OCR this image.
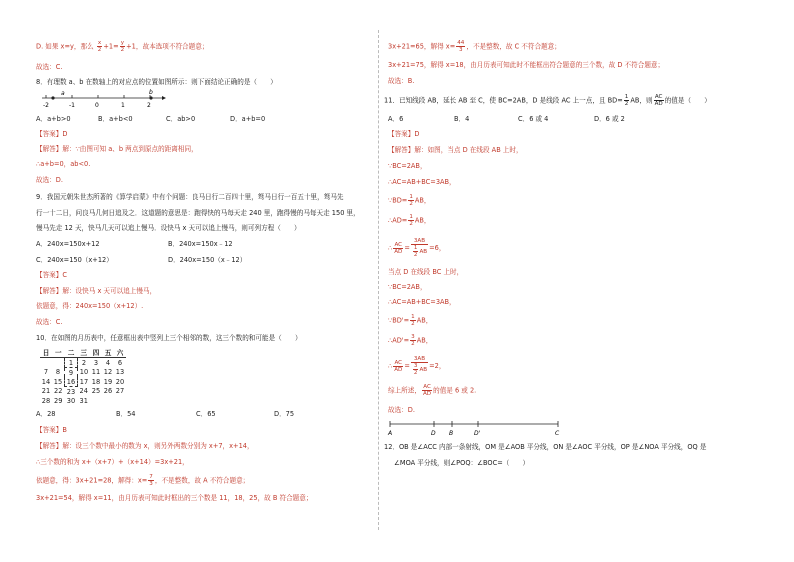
D. 如果 x=y，那么 $\frac{x}{2} +1= \frac{y}{2} +1$，故本选项不符合题意；
故选：C.
8．有理数 a、b 在数轴上的对应点的位置如图所示：则下面结论正确的是（　　）
-2	-1	0	1	2
a	b
A．a+b>0	B．a+b<0	C．ab>0	D．a+b=0
【答案】D
【解答】解：∵由图可知 a、b 两点到原点的距离相同，
∴a+b=0，ab<0.
故选：D.
9．我国元朝朱世杰所著的《算学启蒙》中有个问题：良马日行二百四十里，驽马日行一百五十里，驽马先
行一十二日，问良马几何日追及之．这道题的意思是：跑得快的马每天走 240 里，跑得慢的马每天走 150 里，
慢马先走 12 天，快马几天可以追上慢马．设快马 x 天可以追上慢马，则可列方程（　　）
A．240x=150x+12	B．240x=150x﹣12
C．240x=150（x+12）	D．240x=150（x﹣12）
【答案】C
【解答】解：设快马 x 天可以追上慢马，
依题意，得：240x=150（x+12）.
故选：C.
10．在如图的月历表中，任意框出表中竖列上三个相邻的数，这三个数的和可能是（　　）
日	一	二	三	四	五	六
		1	2	3	4	6
7	8	9	10	11	12	13
14	15	16	17	18	19	20
21	22	23	24	25	26	27
28	29	30	31			
A．28	B．54	C．65	D．75
【答案】B
【解答】解：设三个数中最小的数为 x，则另外两数分别为 x+7，x+14，
∴三个数的和为 x+（x+7）+（x+14）=3x+21，
依题意，得：3x+21=28，解得：$x= \frac{7}{3}$ ，不是整数，故 A 不符合题意；
3x+21=54，解得 x=11，由月历表可知此时框出的三个数是 11，18，25，故 B 符合题意；
3x+21=65，解得 $x= \frac{44}{3}$ ，不是整数，故 C 不符合题意；
3x+21=75，解得 x=18，由月历表可知此时不能框出符合题意的三个数，故 D 不符合题意；
故选：B.
11．已知线段 AB，延长 AB 至 C，使 BC=2AB，D 是线段 AC 上一点，且 $BD= \frac{1}{2}$ AB，则 $\frac{AC}{AD}$ 的值是（　　）
A．6	B．4	C．6 或 4	D．6 或 2
【答案】D
【解答】解：如图，当点 D 在线段 AB 上时，
∵BC=2AB，
∴AC=AB+BC=3AB，
∵BD= $\frac{1}{2}$ AB，
∴AD= $\frac{1}{2}$ AB，
∴ $\frac{AC}{AD} = \frac{3AB}{\frac{1}{2} AB} =6$，
当点 D 在线段 BC 上时，
∵BC=2AB，
∴AC=AB+BC=3AB，
∵BD'= $\frac{1}{2}$ AB，
∴AD'= $\frac{3}{2}$ AB，
∴ $\frac{AC}{AD} = \frac{3AB}{\frac{3}{2} AB} =2$，
综上所述， $\frac{AC}{AD}$ 的值是 6 或 2.
故选：D.
A	D B	D'	C
12．OB 是∠ACC 内部一条射线，OM 是∠AOB 平分线，ON 是∠AOC 平分线，OP 是∠NOA 平分线，OQ 是
∠MOA 平分线，则∠POQ：∠BOC=（　　）
